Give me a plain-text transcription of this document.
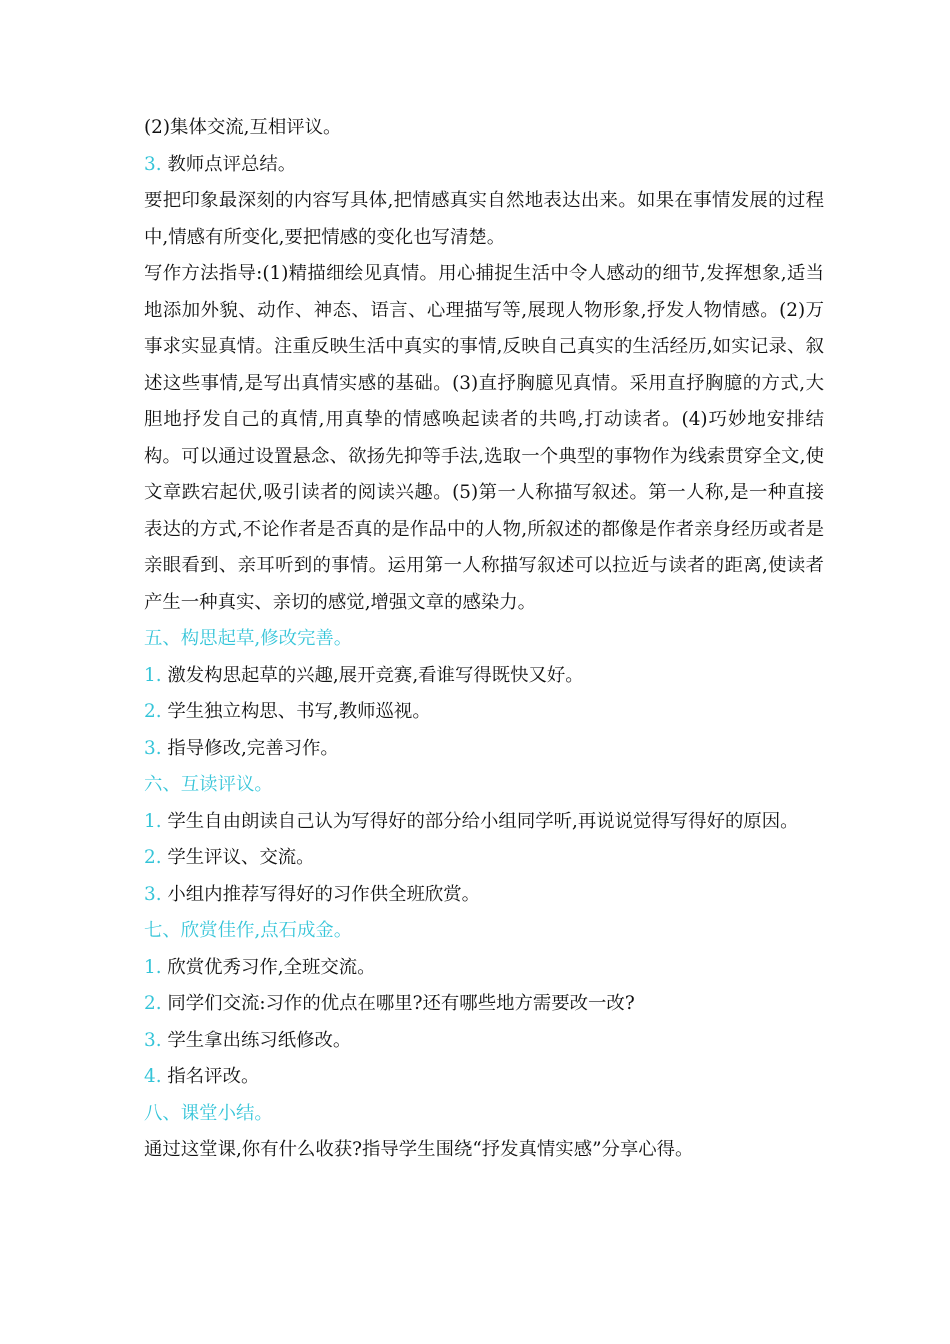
(2)集体交流,互相评议。

3. 教师点评总结。

要把印象最深刻的内容写具体,把情感真实自然地表达出来。如果在事情发展的过程中,情感有所变化,要把情感的变化也写清楚。

写作方法指导:(1)精描细绘见真情。用心捕捉生活中令人感动的细节,发挥想象,适当地添加外貌、动作、神态、语言、心理描写等,展现人物形象,抒发人物情感。(2)万事求实显真情。注重反映生活中真实的事情,反映自己真实的生活经历,如实记录、叙述这些事情,是写出真情实感的基础。(3)直抒胸臆见真情。采用直抒胸臆的方式,大胆地抒发自己的真情,用真挚的情感唤起读者的共鸣,打动读者。(4)巧妙地安排结构。可以通过设置悬念、欲扬先抑等手法,选取一个典型的事物作为线索贯穿全文,使文章跌宕起伏,吸引读者的阅读兴趣。(5)第一人称描写叙述。第一人称,是一种直接表达的方式,不论作者是否真的是作品中的人物,所叙述的都像是作者亲身经历或者是亲眼看到、亲耳听到的事情。运用第一人称描写叙述可以拉近与读者的距离,使读者产生一种真实、亲切的感觉,增强文章的感染力。

五、构思起草,修改完善。

1. 激发构思起草的兴趣,展开竞赛,看谁写得既快又好。

2. 学生独立构思、书写,教师巡视。

3. 指导修改,完善习作。

六、互读评议。

1. 学生自由朗读自己认为写得好的部分给小组同学听,再说说觉得写得好的原因。

2. 学生评议、交流。

3. 小组内推荐写得好的习作供全班欣赏。

七、欣赏佳作,点石成金。

1. 欣赏优秀习作,全班交流。

2. 同学们交流:习作的优点在哪里?还有哪些地方需要改一改?

3. 学生拿出练习纸修改。

4. 指名评改。

八、课堂小结。

通过这堂课,你有什么收获?指导学生围绕“抒发真情实感”分享心得。
